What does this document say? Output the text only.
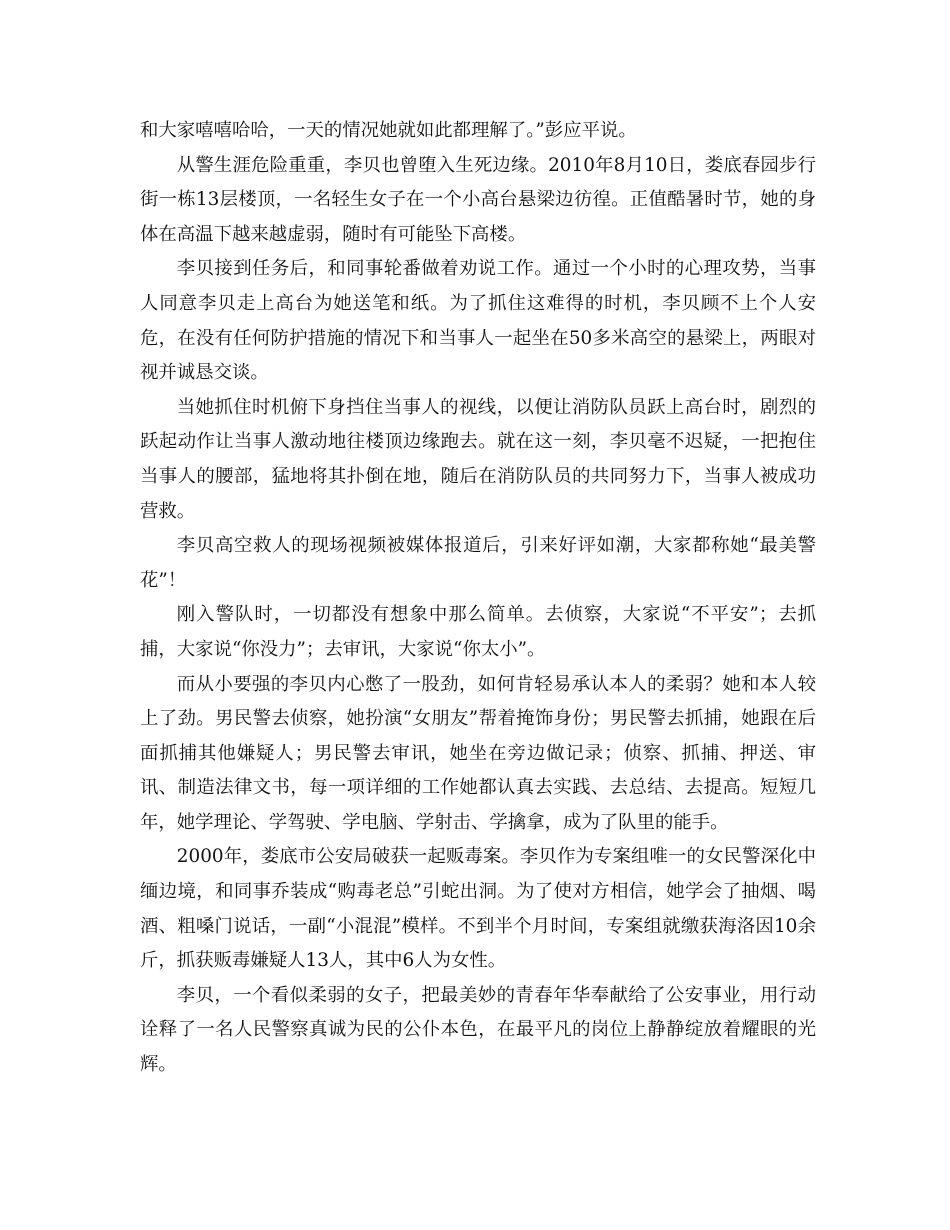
和大家嘻嘻哈哈，一天的情况她就如此都理解了。”彭应平说。

从警生涯危险重重，李贝也曾堕入生死边缘。2010年8月10日，娄底春园步行街一栋13层楼顶，一名轻生女子在一个小高台悬梁边彷徨。正值酷暑时节，她的身体在高温下越来越虚弱，随时有可能坠下高楼。

李贝接到任务后，和同事轮番做着劝说工作。通过一个小时的心理攻势，当事人同意李贝走上高台为她送笔和纸。为了抓住这难得的时机，李贝顾不上个人安危，在没有任何防护措施的情况下和当事人一起坐在50多米高空的悬梁上，两眼对视并诚恳交谈。

当她抓住时机俯下身挡住当事人的视线，以便让消防队员跃上高台时，剧烈的跃起动作让当事人激动地往楼顶边缘跑去。就在这一刻，李贝毫不迟疑，一把抱住当事人的腰部，猛地将其扑倒在地，随后在消防队员的共同努力下，当事人被成功营救。

李贝高空救人的现场视频被媒体报道后，引来好评如潮，大家都称她“最美警花”！

刚入警队时，一切都没有想象中那么简单。去侦察，大家说“不平安”；去抓捕，大家说“你没力”；去审讯，大家说“你太小”。

而从小要强的李贝内心憋了一股劲，如何肯轻易承认本人的柔弱？她和本人较上了劲。男民警去侦察，她扮演“女朋友”帮着掩饰身份；男民警去抓捕，她跟在后面抓捕其他嫌疑人；男民警去审讯，她坐在旁边做记录；侦察、抓捕、押送、审讯、制造法律文书，每一项详细的工作她都认真去实践、去总结、去提高。短短几年，她学理论、学驾驶、学电脑、学射击、学擒拿，成为了队里的能手。

2000年，娄底市公安局破获一起贩毒案。李贝作为专案组唯一的女民警深化中缅边境，和同事乔装成“购毒老总”引蛇出洞。为了使对方相信，她学会了抽烟、喝酒、粗嗓门说话，一副“小混混”模样。不到半个月时间，专案组就缴获海洛因10余斤，抓获贩毒嫌疑人13人，其中6人为女性。

李贝，一个看似柔弱的女子，把最美妙的青春年华奉献给了公安事业，用行动诠释了一名人民警察真诚为民的公仆本色，在最平凡的岗位上静静绽放着耀眼的光辉。
